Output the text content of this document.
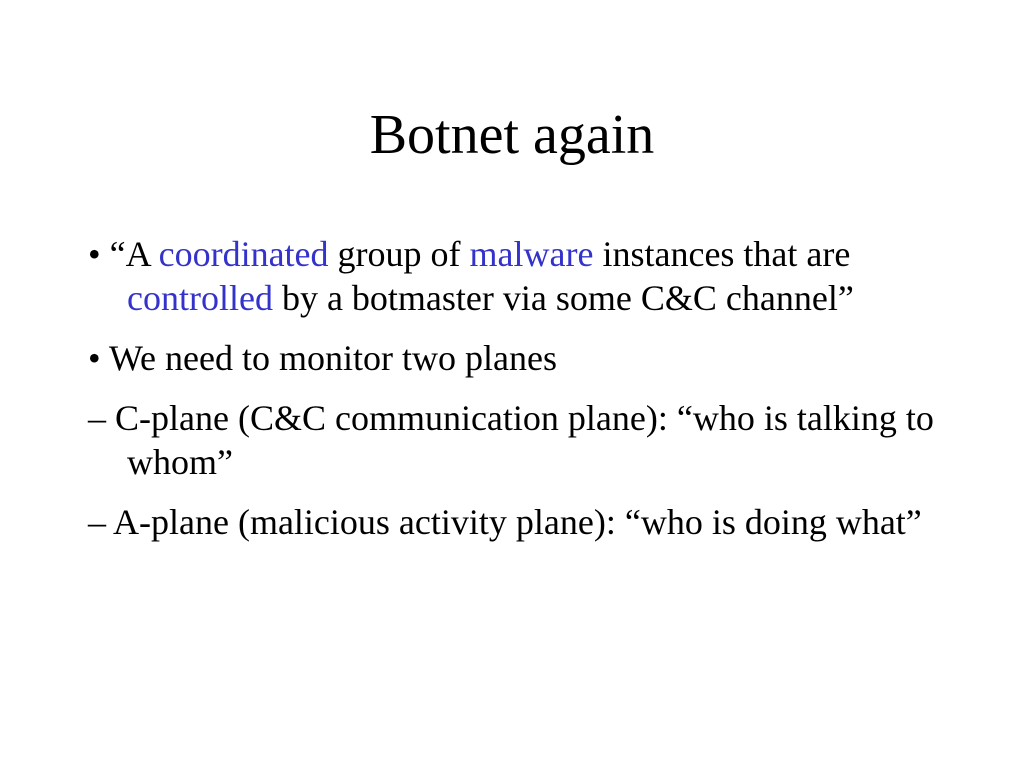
Botnet again

• “A coordinated group of malware instances that are controlled by a botmaster via some C&C channel”

• We need to monitor two planes

– C-plane (C&C communication plane): “who is talking to whom”

– A-plane (malicious activity plane): “who is doing what”
